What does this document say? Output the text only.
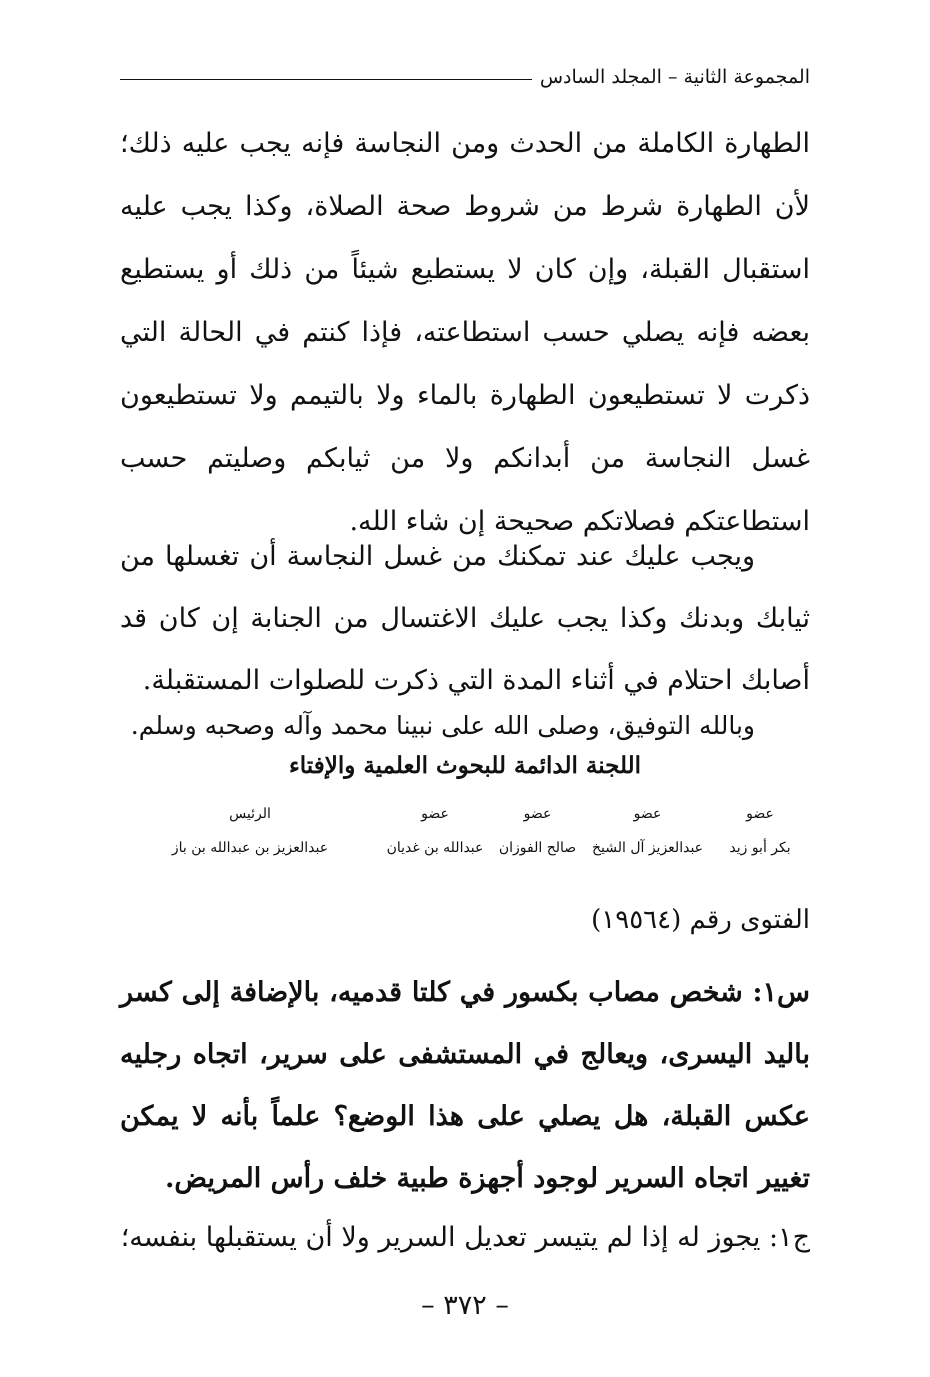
المجموعة الثانية – المجلد السادس

الطهارة الكاملة من الحدث ومن النجاسة فإنه يجب عليه ذلك؛ لأن الطهارة شرط من شروط صحة الصلاة، وكذا يجب عليه استقبال القبلة، وإن كان لا يستطيع شيئاً من ذلك أو يستطيع بعضه فإنه يصلي حسب استطاعته، فإذا كنتم في الحالة التي ذكرت لا تستطيعون الطهارة بالماء ولا بالتيمم ولا تستطيعون غسل النجاسة من أبدانكم ولا من ثيابكم وصليتم حسب استطاعتكم فصلاتكم صحيحة إن شاء الله.

ويجب عليك عند تمكنك من غسل النجاسة أن تغسلها من ثيابك وبدنك وكذا يجب عليك الاغتسال من الجنابة إن كان قد أصابك احتلام في أثناء المدة التي ذكرت للصلوات المستقبلة.

وبالله التوفيق، وصلى الله على نبينا محمد وآله وصحبه وسلم.

اللجنة الدائمة للبحوث العلمية والإفتاء
عضو
عضو
عضو
عضو
الرئيس
بكر أبو زيد
عبدالعزيز آل الشيخ
صالح الفوزان
عبدالله بن غديان
عبدالعزيز بن عبدالله بن باز
الفتوى رقم (١٩٥٦٤)

س١: شخص مصاب بكسور في كلتا قدميه، بالإضافة إلى كسر باليد اليسرى، ويعالج في المستشفى على سرير، اتجاه رجليه عكس القبلة، هل يصلي على هذا الوضع؟ علماً بأنه لا يمكن تغيير اتجاه السرير لوجود أجهزة طبية خلف رأس المريض.

ج١: يجوز له إذا لم يتيسر تعديل السرير ولا أن يستقبلها بنفسه؛

– ٣٧٢ –
